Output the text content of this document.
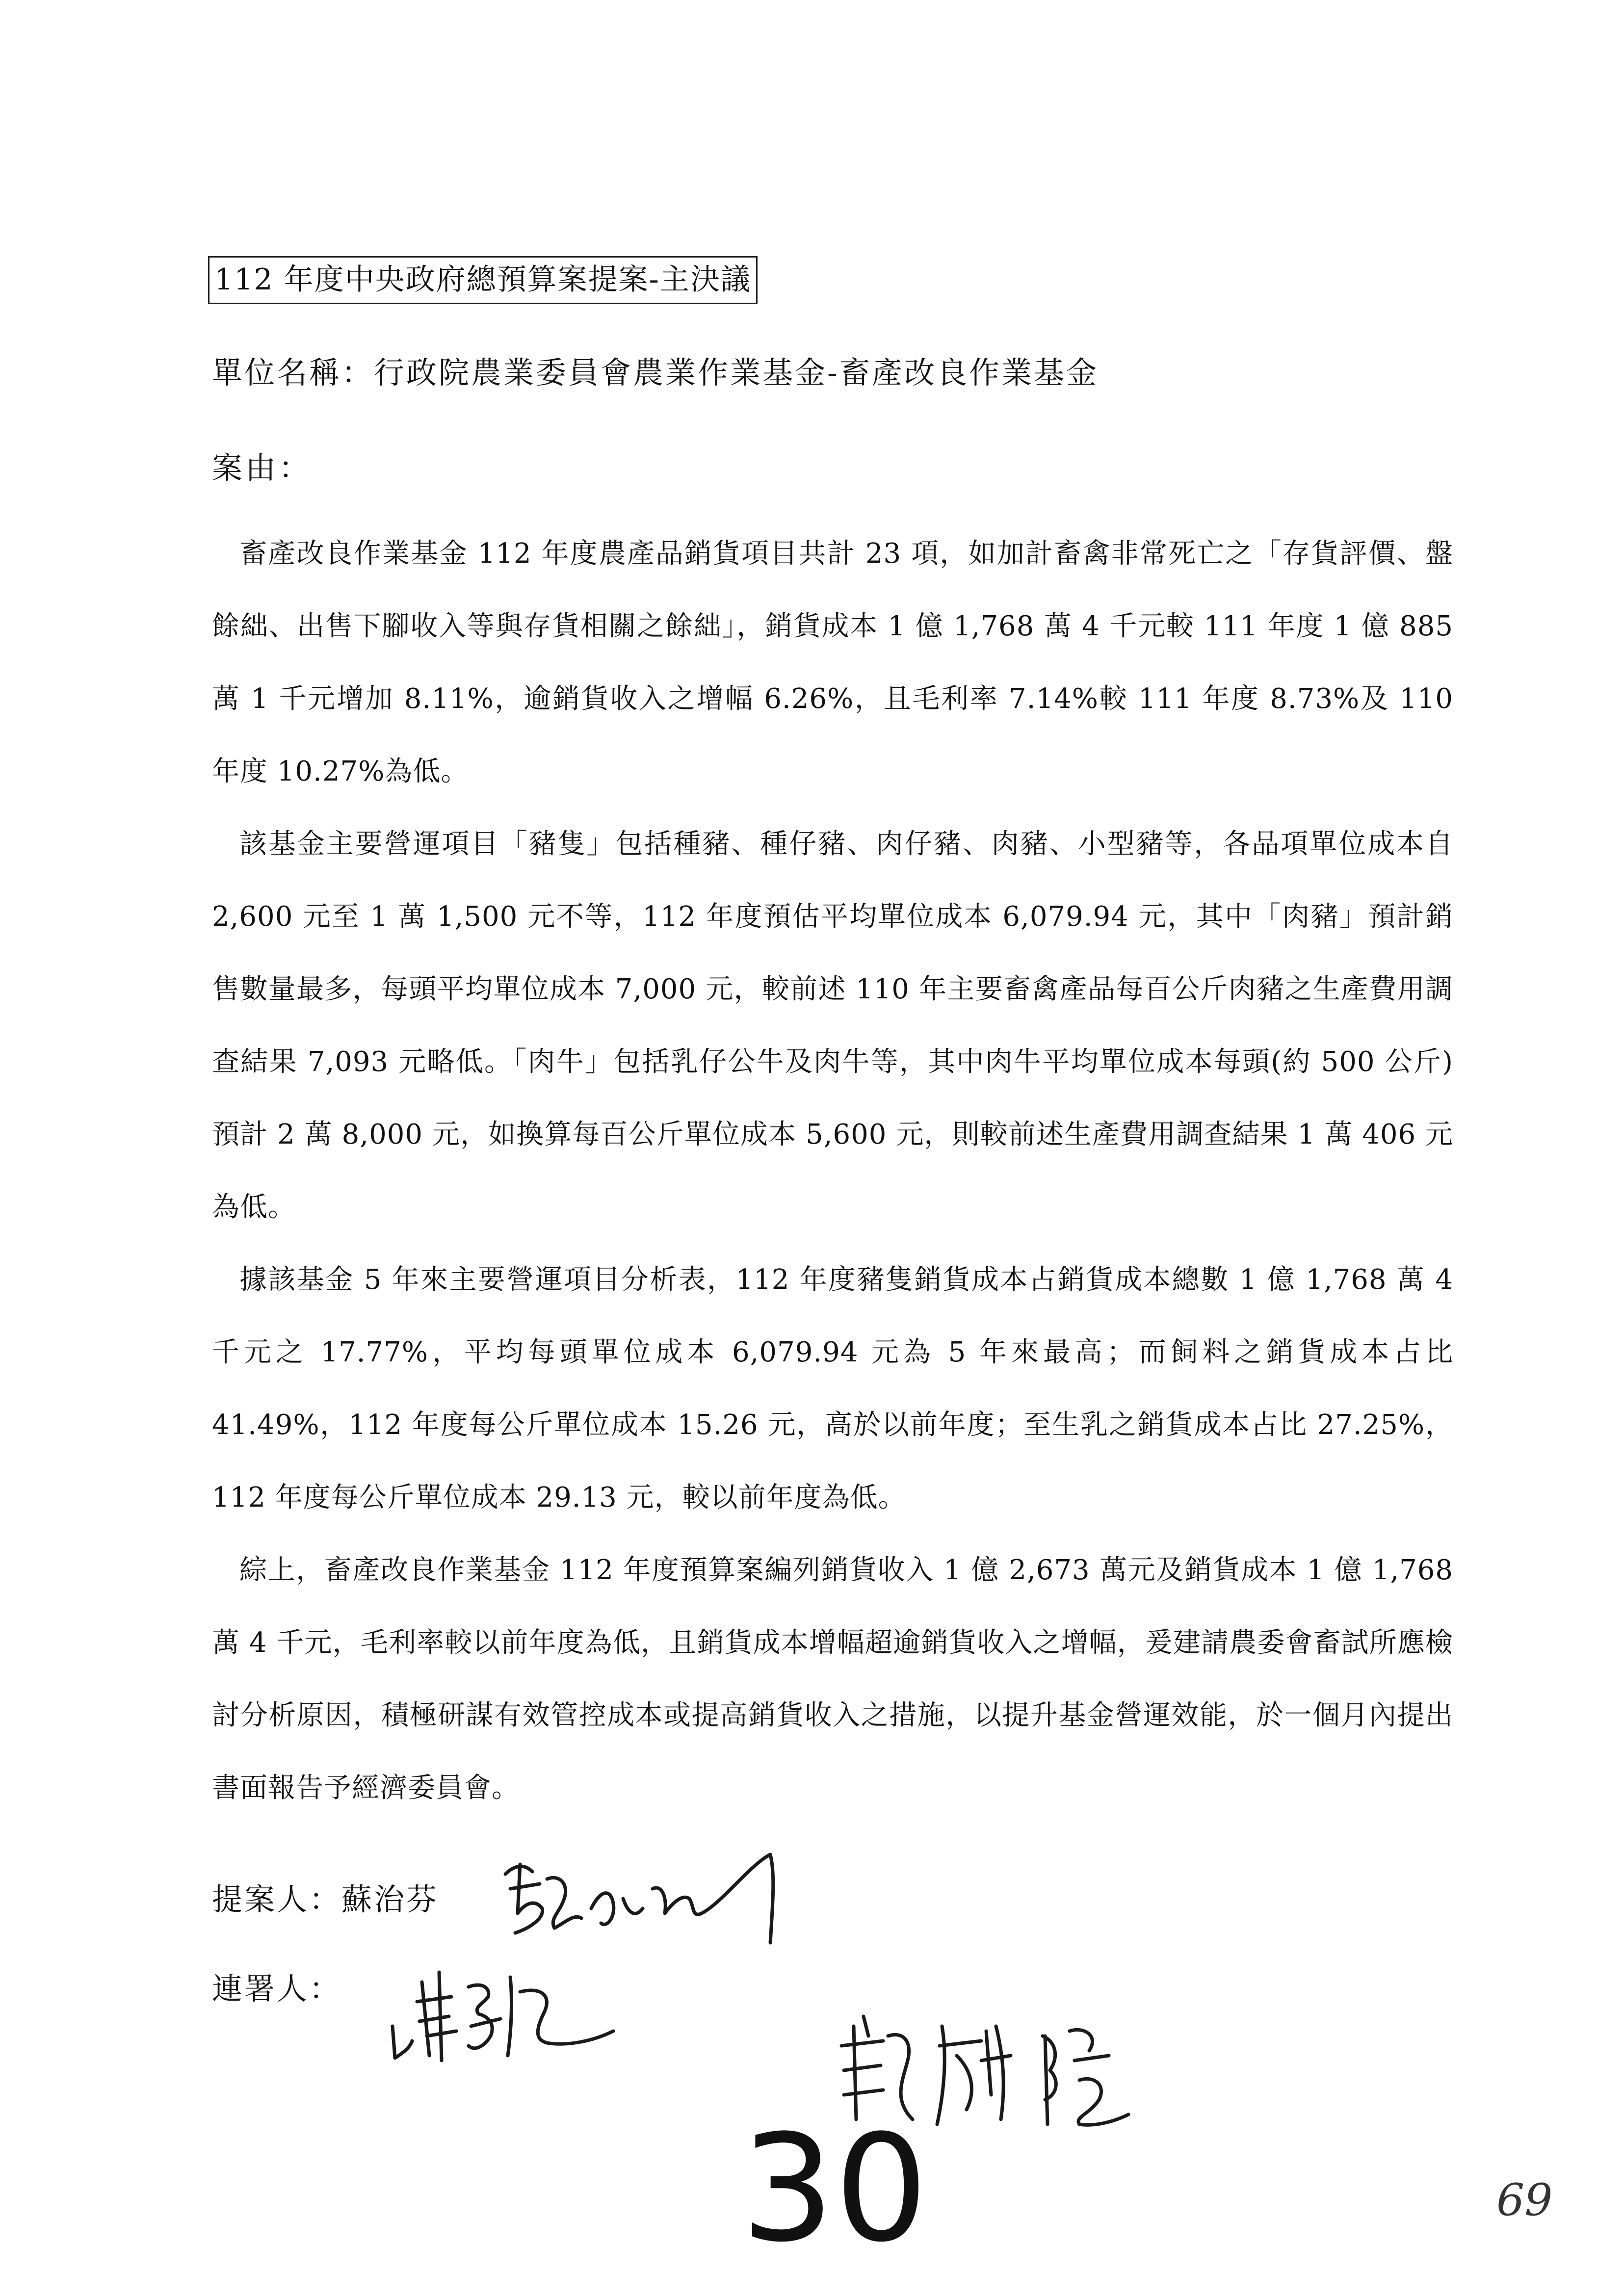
112 年度中央政府總預算案提案-主決議
單位名稱：行政院農業委員會農業作業基金-畜產改良作業基金
案由：

畜產改良作業基金 112 年度農產品銷貨項目共計 23 項，如加計畜禽非常死亡之「存貨評價、盤餘絀、出售下腳收入等與存貨相關之餘絀」，銷貨成本 1 億 1,768 萬 4 千元較 111 年度 1 億 885 萬 1 千元增加 8.11%，逾銷貨收入之增幅 6.26%，且毛利率 7.14%較 111 年度 8.73%及 110 年度 10.27%為低。

該基金主要營運項目「豬隻」包括種豬、種仔豬、肉仔豬、肉豬、小型豬等，各品項單位成本自 2,600 元至 1 萬 1,500 元不等，112 年度預估平均單位成本 6,079.94 元，其中「肉豬」預計銷售數量最多，每頭平均單位成本 7,000 元，較前述 110 年主要畜禽產品每百公斤肉豬之生產費用調查結果 7,093 元略低。「肉牛」包括乳仔公牛及肉牛等，其中肉牛平均單位成本每頭(約 500 公斤)預計 2 萬 8,000 元，如換算每百公斤單位成本 5,600 元，則較前述生產費用調查結果 1 萬 406 元為低。

據該基金 5 年來主要營運項目分析表，112 年度豬隻銷貨成本占銷貨成本總數 1 億 1,768 萬 4 千元之 17.77%，平均每頭單位成本 6,079.94 元為 5 年來最高；而飼料之銷貨成本占比 41.49%，112 年度每公斤單位成本 15.26 元，高於以前年度；至生乳之銷貨成本占比 27.25%，112 年度每公斤單位成本 29.13 元，較以前年度為低。

綜上，畜產改良作業基金 112 年度預算案編列銷貨收入 1 億 2,673 萬元及銷貨成本 1 億 1,768 萬 4 千元，毛利率較以前年度為低，且銷貨成本增幅超逾銷貨收入之增幅，爰建請農委會畜試所應檢討分析原因，積極研謀有效管控成本或提高銷貨收入之措施，以提升基金營運效能，於一個月內提出書面報告予經濟委員會。

提案人：蘇治芬
連署人：
30	69
